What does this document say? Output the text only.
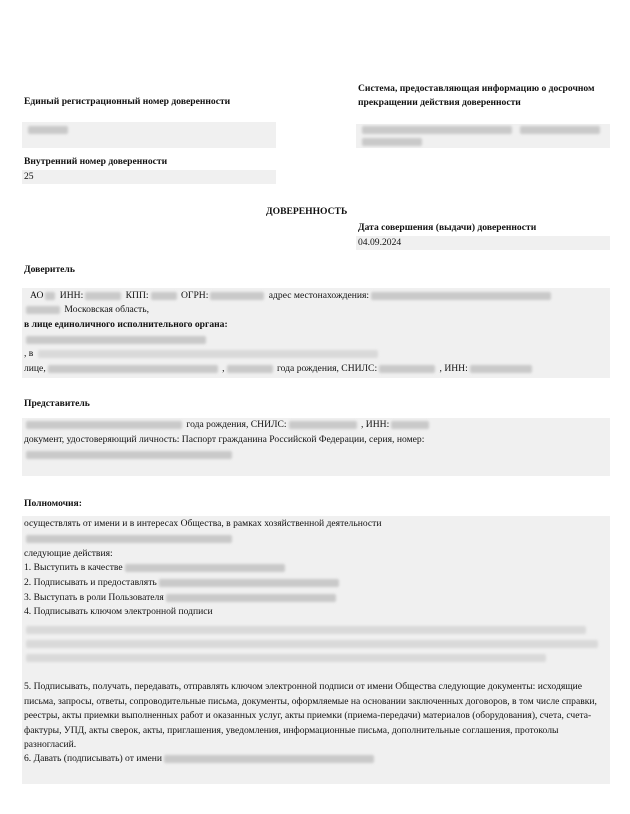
Единый регистрационный номер доверенности
Система, предоставляющая информацию о досрочном прекращении действия доверенности
Внутренний номер доверенности
25
ДОВЕРЕННОСТЬ
Дата совершения (выдачи) доверенности
04.09.2024
Доверитель
АО ИНН:	КПП:	ОГРН:	адрес местонахождения:
Московская область,
в лице единоличного исполнительного органа:
, в
лице,	,	года рождения, СНИЛС:	, ИНН:
Представитель
года рождения, СНИЛС:	, ИНН:
документ, удостоверяющий личность: Паспорт гражданина Российской Федерации, серия, номер:
Полномочия:
осуществлять от имени и в интересах Общества, в рамках хозяйственной деятельности
следующие действия:
1. Выступить в качестве
2. Подписывать и предоставлять
3. Выступать в роли Пользователя
4. Подписывать ключом электронной подписи
5. Подписывать, получать, передавать, отправлять ключом электронной подписи от имени Общества следующие документы: исходящие письма, запросы, ответы, сопроводительные письма, документы, оформляемые на основании заключенных договоров, в том числе справки, реестры, акты приемки выполненных работ и оказанных услуг, акты приемки (приема-передачи) материалов (оборудования), счета, счета-фактуры, УПД, акты сверок, акты, приглашения, уведомления, информационные письма, дополнительные соглашения, протоколы разногласий.
6. Давать (подписывать) от имени
